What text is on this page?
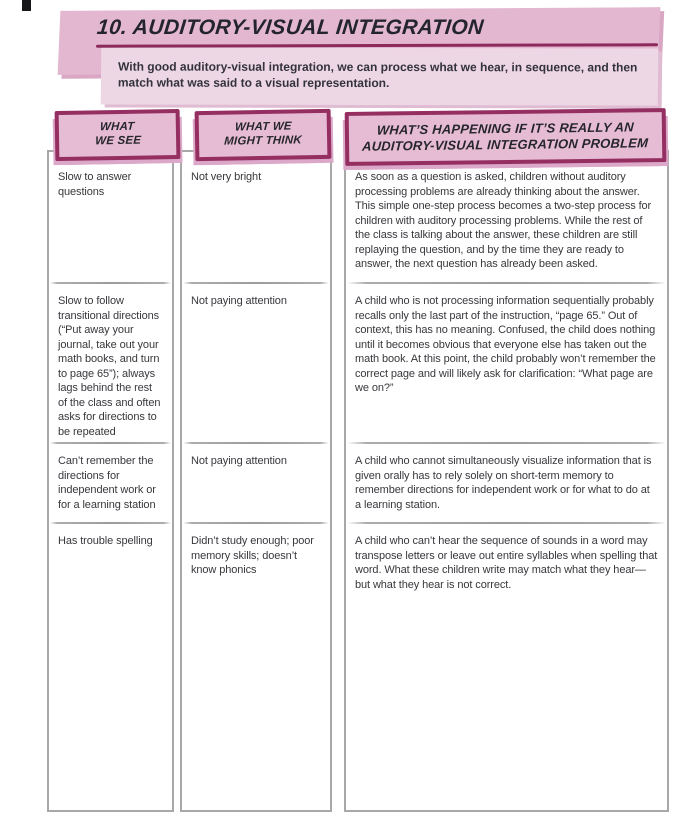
10. AUDITORY-VISUAL INTEGRATION

With good auditory-visual integration, we can process what we hear, in sequence, and then match what was said to a visual representation.

Slow to answer questions
Slow to follow transitional directions (“Put away your journal, take out your math books, and turn to page 65”); always lags behind the rest of the class and often asks for directions to be repeated
Can’t remember the directions for independent work or for a learning station
Has trouble spelling
Not very bright
Not paying attention
Not paying attention
Didn’t study enough; poor memory skills; doesn’t know phonics
As soon as a question is asked, children without auditory processing problems are already thinking about the answer. This simple one-step process becomes a two-step process for children with auditory processing problems. While the rest of the class is talking about the answer, these children are still replaying the question, and by the time they are ready to answer, the next question has already been asked.
A child who is not processing information sequentially probably recalls only the last part of the instruction, “page 65.” Out of context, this has no meaning. Confused, the child does nothing until it becomes obvious that everyone else has taken out the math book. At this point, the child probably won’t remember the correct page and will likely ask for clarification: “What page are we on?”
A child who cannot simultaneously visualize information that is given orally has to rely solely on short-term memory to remember directions for independent work or for what to do at a learning station.
A child who can’t hear the sequence of sounds in a word may transpose letters or leave out entire syllables when spelling that word. What these children write may match what they hear—but what they hear is not correct.
WHAT
WE SEE
WHAT WE
MIGHT THINK
WHAT’S HAPPENING IF IT’S REALLY AN
AUDITORY-VISUAL INTEGRATION PROBLEM
